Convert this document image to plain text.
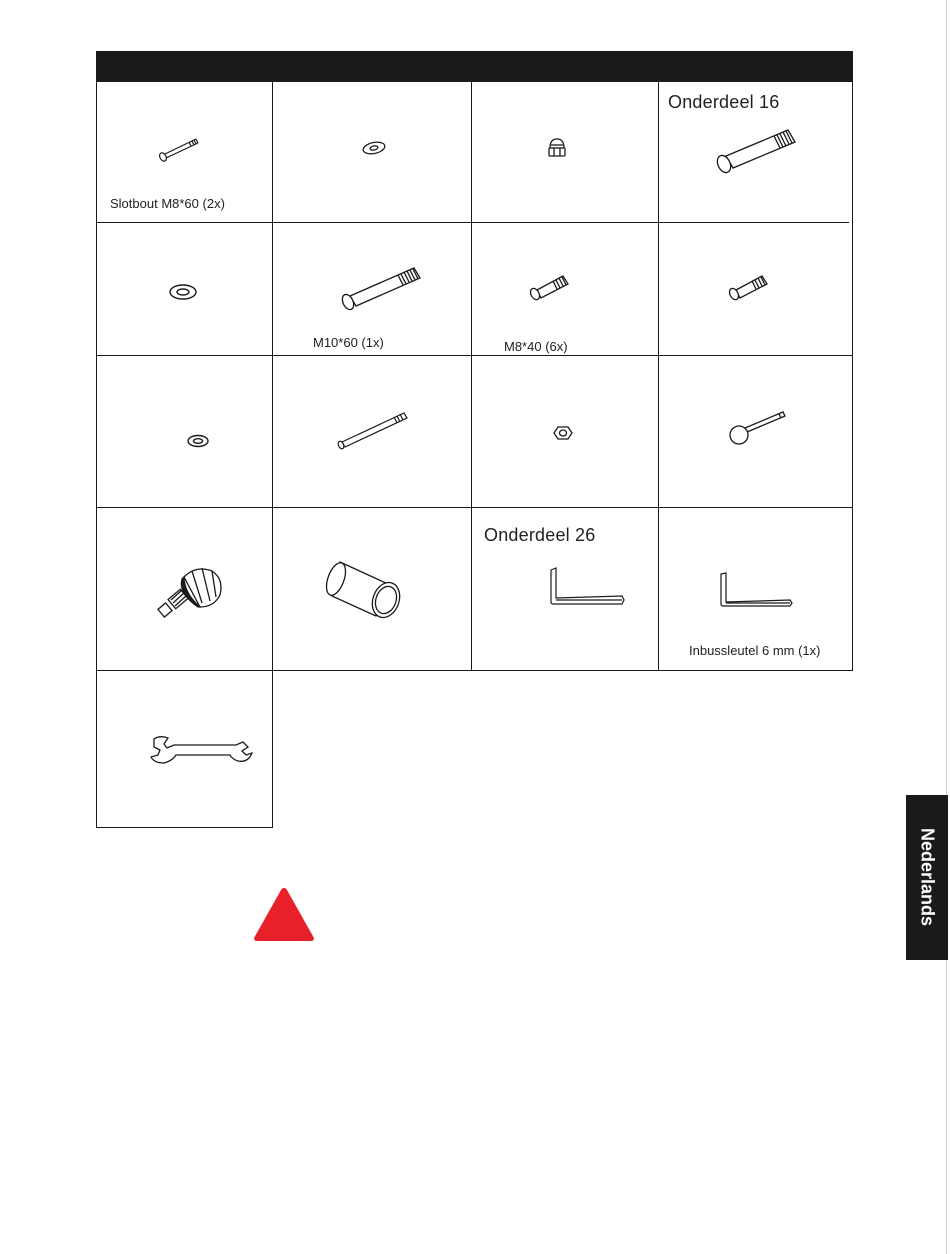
Slotbout M8*60 (2x)
Onderdeel 16
M10*60 (1x)	M8*40 (6x)
Onderdeel 26
Inbussleutel 6 mm (1x)
Nederlands
